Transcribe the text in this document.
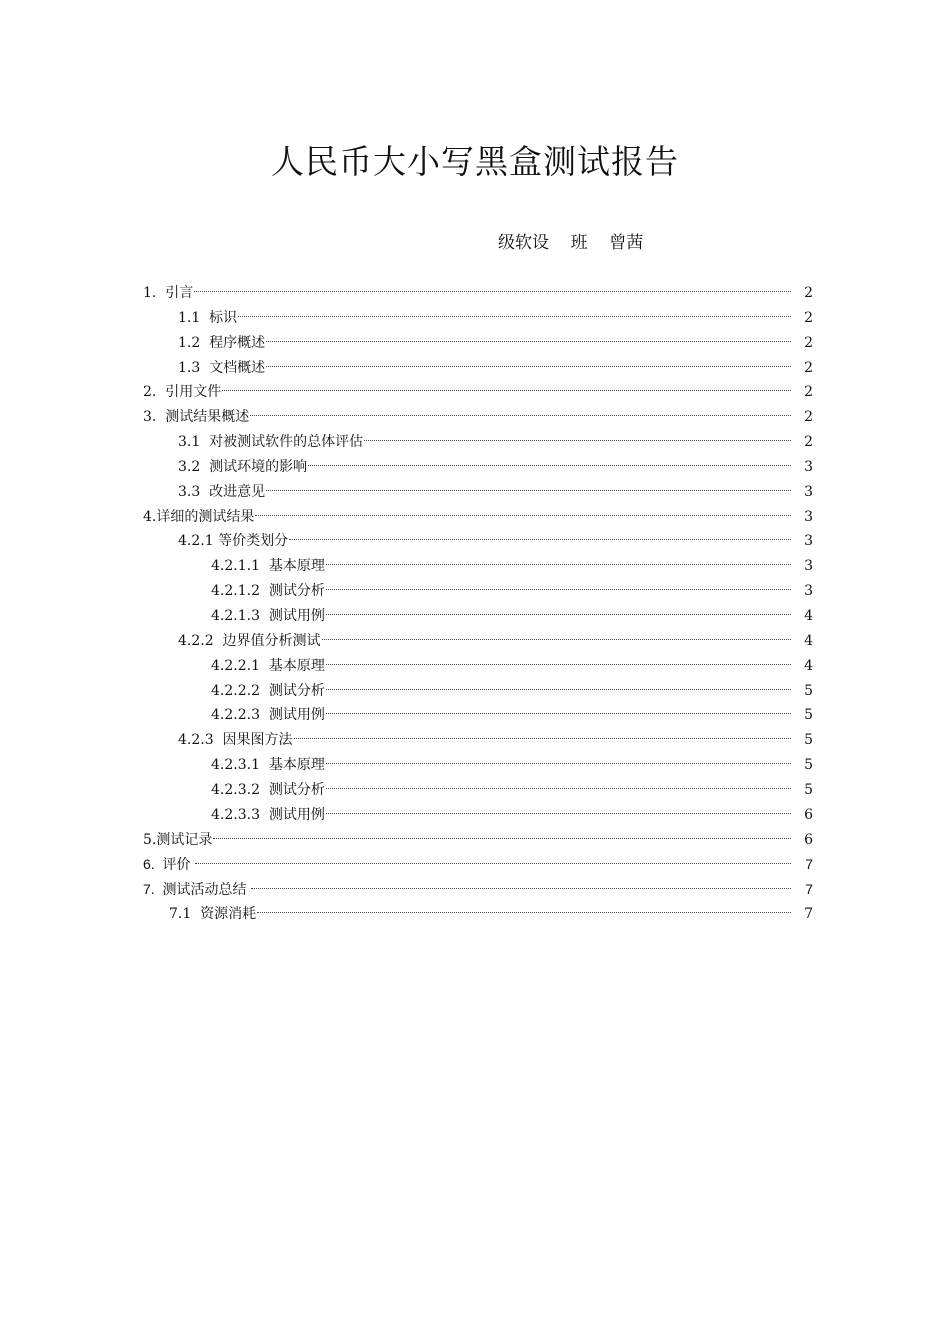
人民币大小写黑盒测试报告
级软设    班    曾茜
1.  引言	2
1.1  标识	2
1.2  程序概述	2
1.3  文档概述	2
2.  引用文件	2
3.  测试结果概述	2
3.1  对被测试软件的总体评估	2
3.2  测试环境的影响	3
3.3  改进意见	3
4.详细的测试结果	3
4.2.1 等价类划分	3
4.2.1.1  基本原理	3
4.2.1.2  测试分析	3
4.2.1.3  测试用例	4
4.2.2  边界值分析测试	4
4.2.2.1  基本原理	4
4.2.2.2  测试分析	5
4.2.2.3  测试用例	5
4.2.3  因果图方法	5
4.2.3.1  基本原理	5
4.2.3.2  测试分析	5
4.2.3.3  测试用例	6
5.测试记录	6
6.  评价	7
7.  测试活动总结	7
7.1  资源消耗	7
